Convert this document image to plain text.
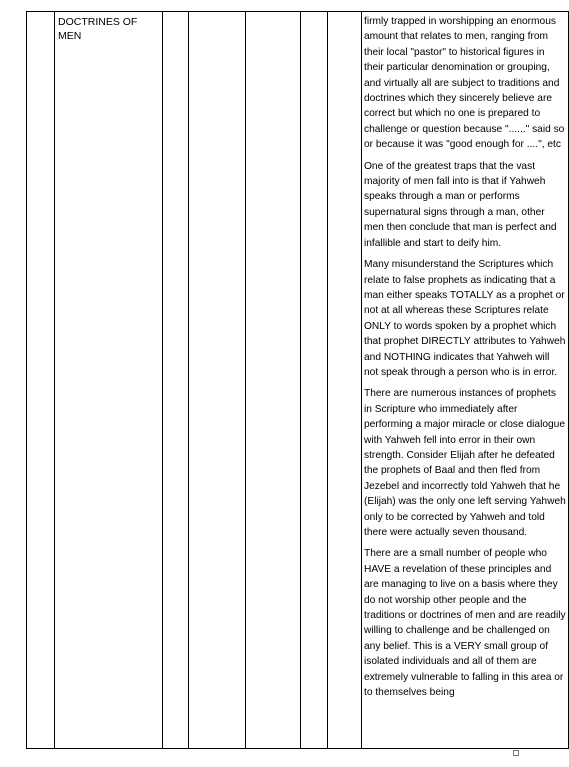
	DOCTRINES OF MEN						

firmly trapped in worshipping an enormous amount that relates to men, ranging from their local "pastor" to historical figures in their particular denomination or grouping, and virtually all are subject to traditions and doctrines which they sincerely believe are correct but which no one is prepared to challenge or question because "......" said so or because it was "good enough for ....", etc

One of the greatest traps that the vast majority of men fall into is that if Yahweh speaks through a man or performs supernatural signs through a man, other men then conclude that man is perfect and infallible and start to deify him.

Many misunderstand the Scriptures which relate to false prophets as indicating that a man either speaks TOTALLY as a prophet or not at all whereas these Scriptures relate ONLY to words spoken by a prophet which that prophet DIRECTLY attributes to Yahweh and NOTHING indicates that Yahweh will not speak through a person who is in error.

There are numerous instances of prophets in Scripture who immediately after performing a major miracle or close dialogue with Yahweh fell into error in their own strength. Consider Elijah after he defeated the prophets of Baal and then fled from Jezebel and incorrectly told Yahweh that he (Elijah) was the only one left serving Yahweh only to be corrected by Yahweh and told there were actually seven thousand.

There are a small number of people who HAVE a revelation of these principles and are managing to live on a basis where they do not worship other people and the traditions or doctrines of men and are readily willing to challenge and be challenged on any belief. This is a VERY small group of isolated individuals and all of them are extremely vulnerable to falling in this area or to themselves being
